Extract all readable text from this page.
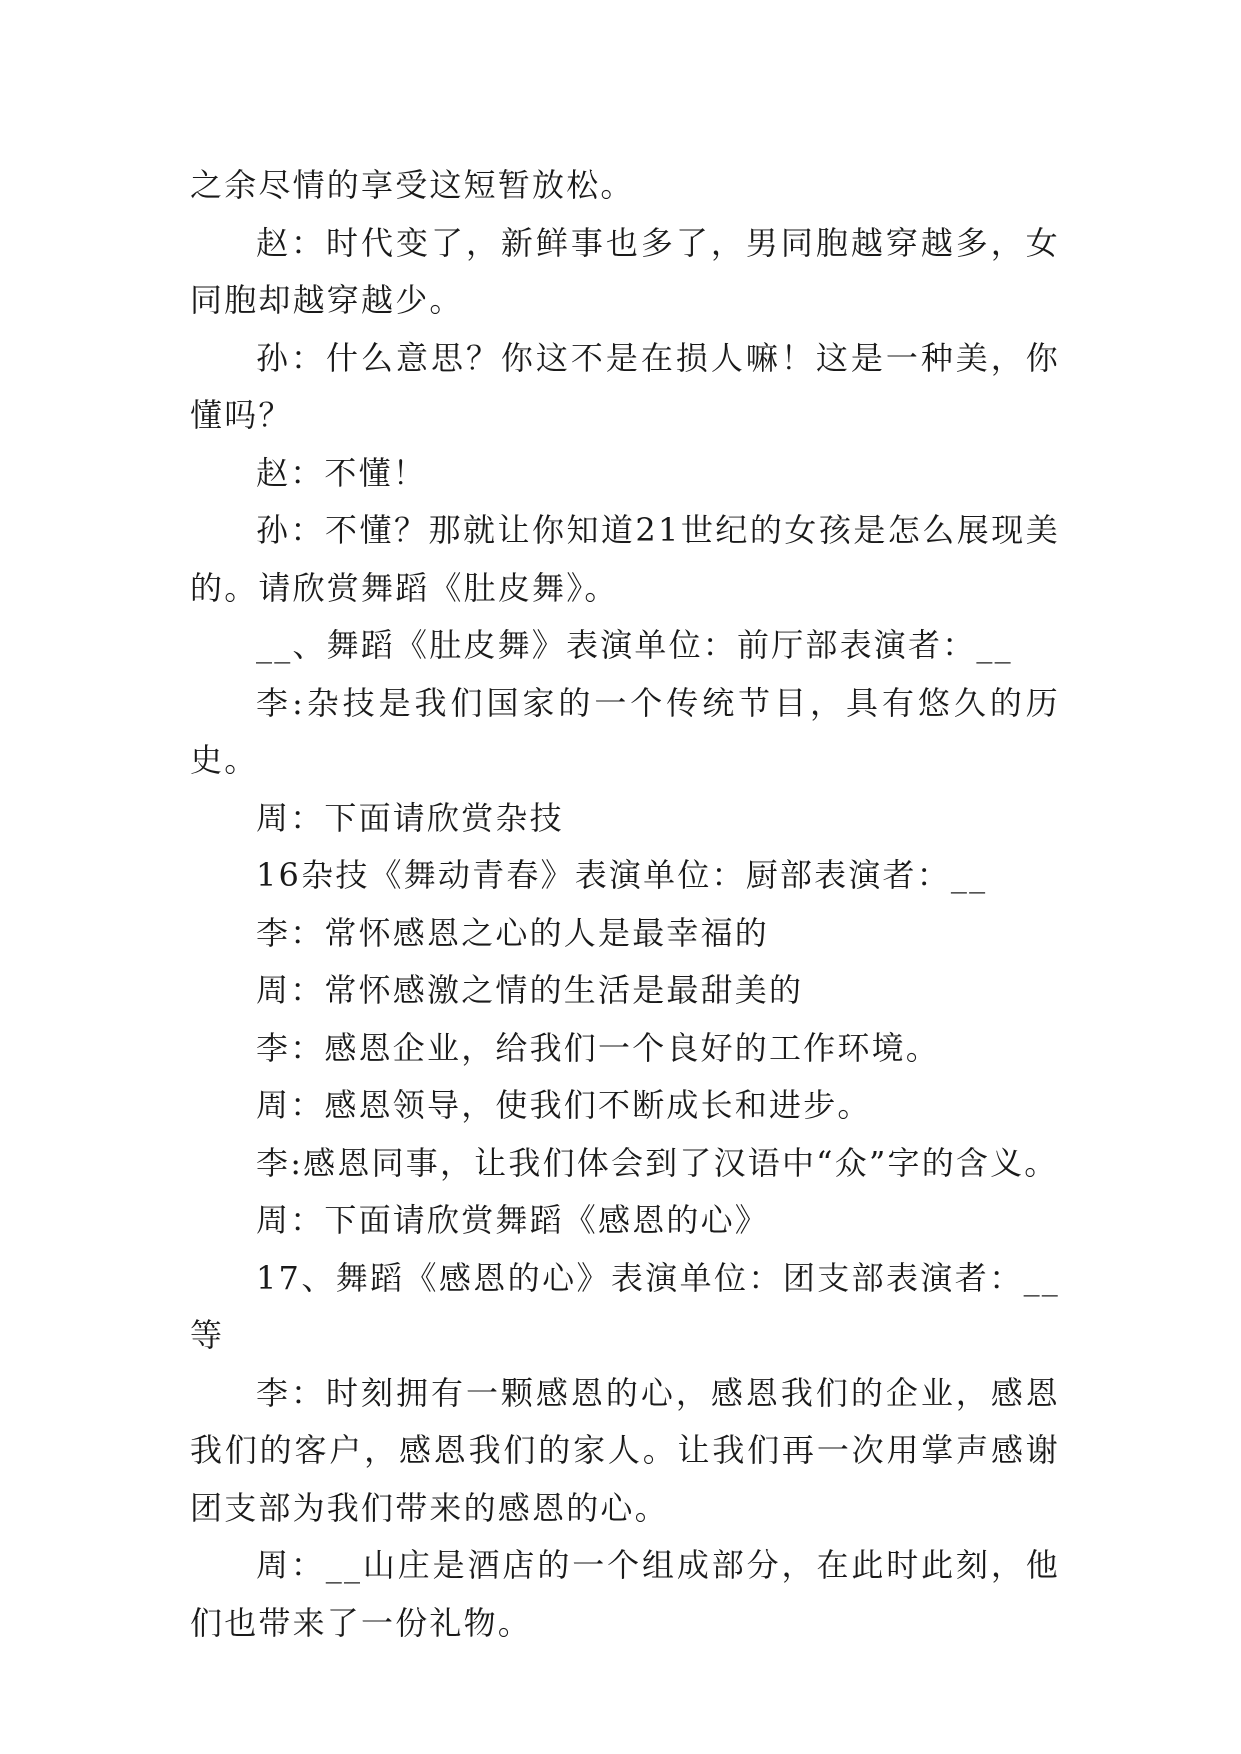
之余尽情的享受这短暂放松。

赵：时代变了，新鲜事也多了，男同胞越穿越多，女同胞却越穿越少。

孙：什么意思？你这不是在损人嘛！这是一种美，你懂吗？

赵：不懂！

孙：不懂？那就让你知道21世纪的女孩是怎么展现美的。请欣赏舞蹈《肚皮舞》。

__、舞蹈《肚皮舞》表演单位：前厅部表演者：__

李:杂技是我们国家的一个传统节目，具有悠久的历史。

周：下面请欣赏杂技

16杂技《舞动青春》表演单位：厨部表演者：__

李：常怀感恩之心的人是最幸福的

周：常怀感激之情的生活是最甜美的

李：感恩企业，给我们一个良好的工作环境。

周：感恩领导，使我们不断成长和进步。

李:感恩同事，让我们体会到了汉语中“众”字的含义。

周：下面请欣赏舞蹈《感恩的心》

17、舞蹈《感恩的心》表演单位：团支部表演者：__等

李：时刻拥有一颗感恩的心，感恩我们的企业，感恩我们的客户，感恩我们的家人。让我们再一次用掌声感谢团支部为我们带来的感恩的心。

周：__山庄是酒店的一个组成部分，在此时此刻，他们也带来了一份礼物。
